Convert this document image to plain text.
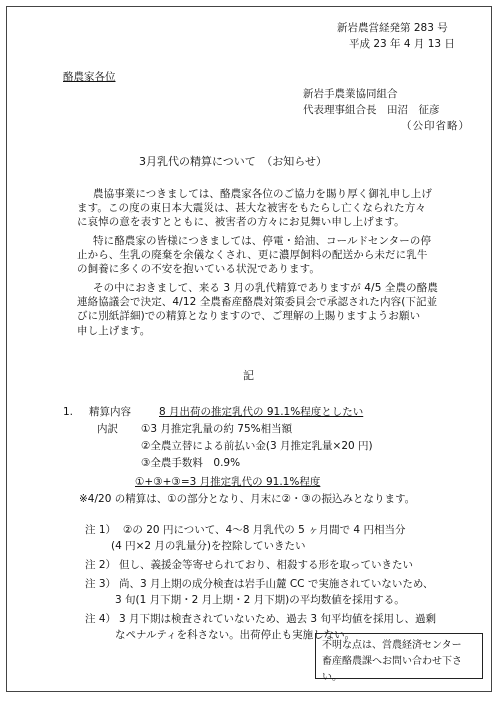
新岩農営経発第 283 号
平成 23 年 4 月 13 日
酪農家各位
新岩手農業協同組合
代表理事組合長　田沼　征彦
（公印省略）
3月乳代の精算について　（お知らせ）
農協事業につきましては、酪農家各位のご協力を賜り厚く御礼申し上げ
ます。この度の東日本大震災は、甚大な被害をもたらし亡くなられた方々
に哀悼の意を表すとともに、被害者の方々にお見舞い申し上げます。
特に酪農家の皆様につきましては、停電・給油、コールドセンターの停
止から、生乳の廃棄を余儀なくされ、更に濃厚飼料の配送から未だに乳牛
の飼養に多くの不安を抱いている状況であります。
その中におきまして、来る 3 月の乳代精算でありますが 4/5 全農の酪農
連絡協議会で決定、4/12 全農畜産酪農対策委員会で承認された内容(下記並
びに別紙詳細)での精算となりますので、ご理解の上賜りますようお願い
申し上げます。
記
1. 精算内容	8 月出荷の推定乳代の 91.1%程度としたい
内訳 ①3 月推定乳量の約 75%相当額
②全農立替による前払い金(3 月推定乳量×20 円)
③全農手数料　0.9%
①+③+③=3 月推定乳代の 91.1%程度
※4/20 の精算は、①の部分となり、月末に②・③の振込みとなります。
注 1） ②の 20 円について、4～8 月乳代の 5 ヶ月間で 4 円相当分
(4 円×2 月の乳量分)を控除していきたい
注 2） 但し、義援金等寄せられており、相殺する形を取っていきたい
注 3） 尚、3 月上期の成分検査は岩手山麓 CC で実施されていないため、
3 旬(1 月下期・2 月上期・2 月下期)の平均数値を採用する。
注 4） 3 月下期は検査されていないため、過去 3 旬平均値を採用し、過剰
なペナルティを科さない。出荷停止も実施しない。
不明な点は、営農経済センター
畜産酪農課へお問い合わせ下さい。
